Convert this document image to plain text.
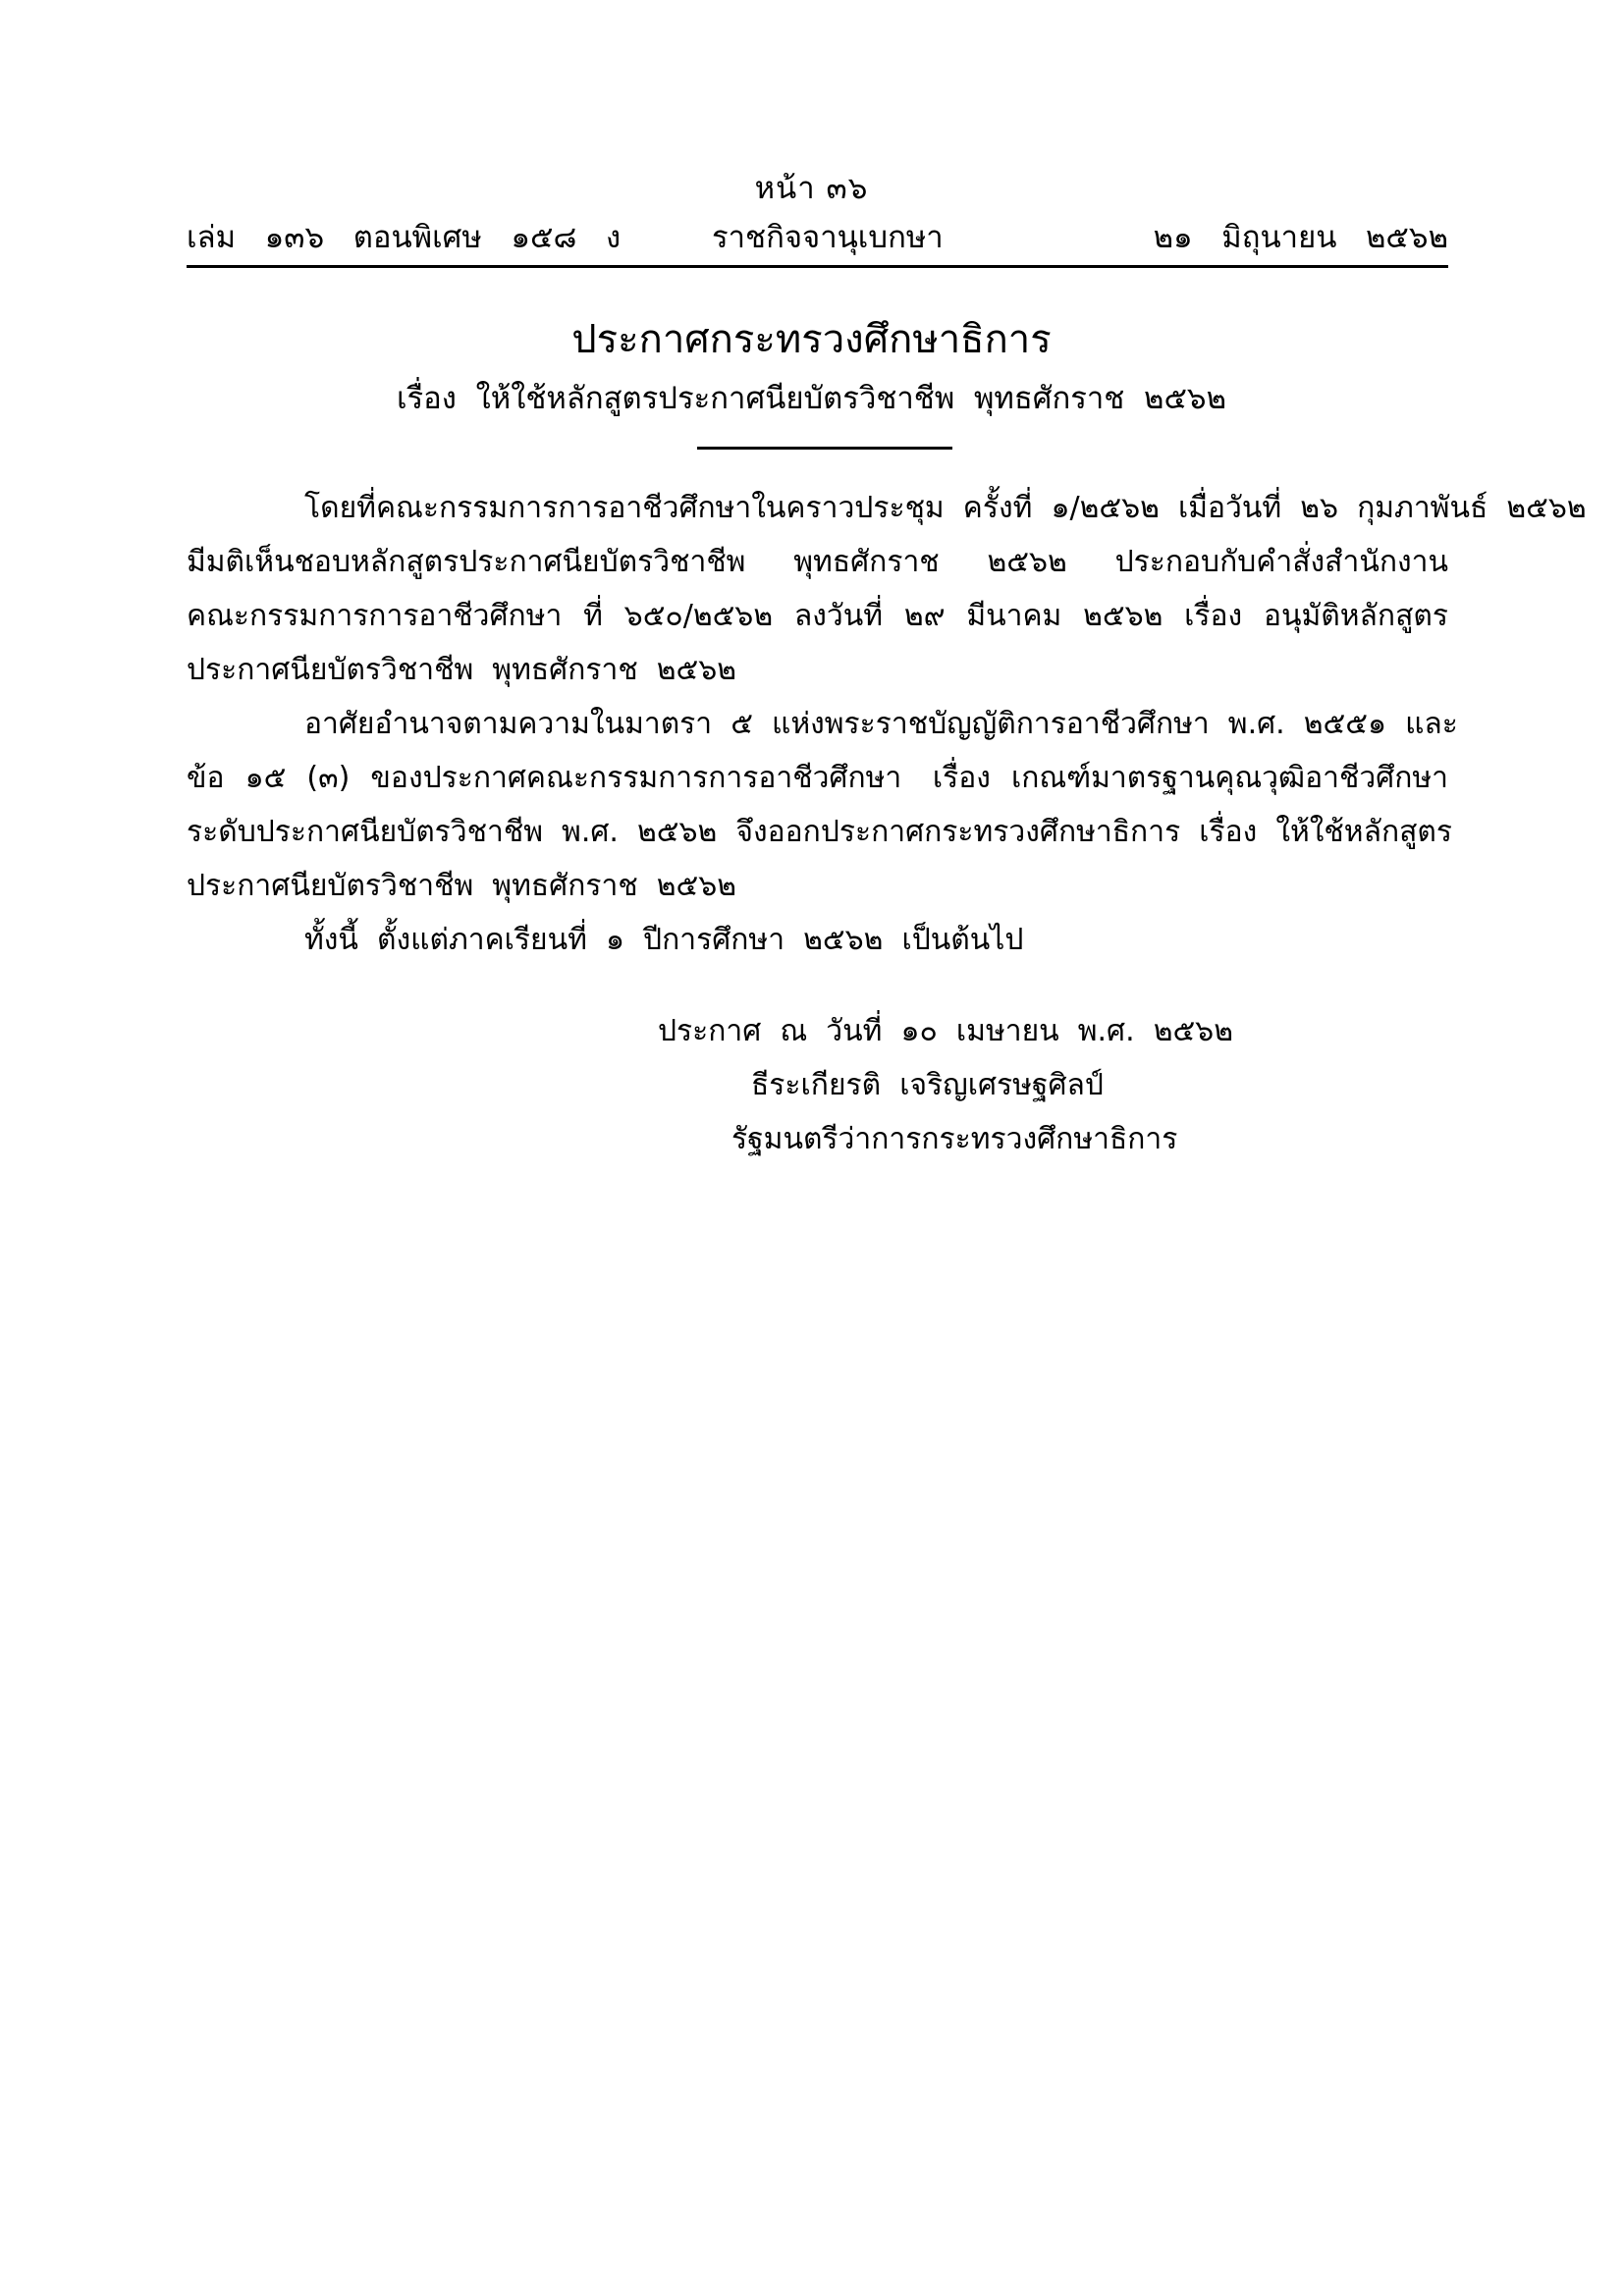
หน้า ๓๖
เล่ม   ๑๓๖   ตอนพิเศษ   ๑๕๘   ง	ราชกิจจานุเบกษา	๒๑   มิถุนายน   ๒๕๖๒
ประกาศกระทรวงศึกษาธิการ
เรื่อง  ให้ใช้หลักสูตรประกาศนียบัตรวิชาชีพ  พุทธศักราช  ๒๕๖๒
โดยที่คณะกรรมการการอาชีวศึกษาในคราวประชุม  ครั้งที่  ๑/๒๕๖๒  เมื่อวันที่  ๒๖  กุมภาพันธ์  ๒๕๖๒
มีมติเห็นชอบหลักสูตรประกาศนียบัตรวิชาชีพ   พุทธศักราช   ๒๕๖๒   ประกอบกับคำสั่งสำนักงาน
คณะกรรมการการอาชีวศึกษา  ที่  ๖๕๐/๒๕๖๒  ลงวันที่  ๒๙  มีนาคม  ๒๕๖๒  เรื่อง  อนุมัติหลักสูตร
ประกาศนียบัตรวิชาชีพ  พุทธศักราช  ๒๕๖๒
อาศัยอำนาจตามความในมาตรา  ๕  แห่งพระราชบัญญัติการอาชีวศึกษา  พ.ศ.  ๒๕๕๑  และ
ข้อ  ๑๕  (๓)  ของประกาศคณะกรรมการการอาชีวศึกษา   เรื่อง  เกณฑ์มาตรฐานคุณวุฒิอาชีวศึกษา
ระดับประกาศนียบัตรวิชาชีพ  พ.ศ.  ๒๕๖๒  จึงออกประกาศกระทรวงศึกษาธิการ  เรื่อง  ให้ใช้หลักสูตร
ประกาศนียบัตรวิชาชีพ  พุทธศักราช  ๒๕๖๒
ทั้งนี้  ตั้งแต่ภาคเรียนที่  ๑  ปีการศึกษา  ๒๕๖๒  เป็นต้นไป
ประกาศ  ณ  วันที่  ๑๐  เมษายน  พ.ศ.  ๒๕๖๒
ธีระเกียรติ  เจริญเศรษฐศิลป์
รัฐมนตรีว่าการกระทรวงศึกษาธิการ
